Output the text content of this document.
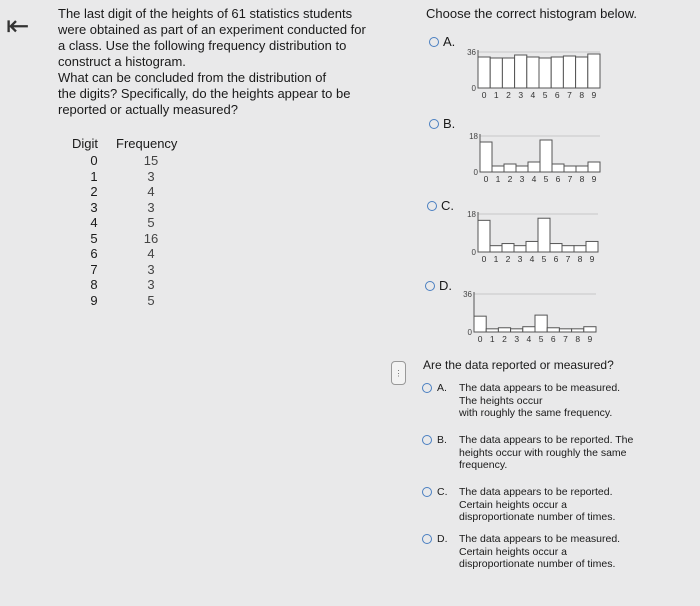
⇤ The last digit of the heights of 61 statistics students

were obtained as part of an experiment conducted for

a class. Use the following frequency distribution to

construct a histogram.

What can be concluded from the distribution of

the digits? Specifically, do the heights appear to be

reported or actually measured?

Digit	Frequency
0	15
1	3
2	4
3	3
4	5
5	16
6	4
7	3
8	3
9	5
⋮

Choose the correct histogram below.

A.
36
0
0 1 2 3 4 5 6 7 8 9
B.
18
0
0 1 2 3 4 5 6 7 8 9
C.
18
0
0 1 2 3 4 5 6 7 8 9
D.
36
0
0 1 2 3 4 5 6 7 8 9
Are the data reported or measured?
A. The data appears to be measured.
The heights occur
with roughly the same frequency.
B. The data appears to be reported. The
heights occur with roughly the same
frequency.
C. The data appears to be reported.
Certain heights occur a
disproportionate number of times.
D. The data appears to be measured.
Certain heights occur a
disproportionate number of times.
